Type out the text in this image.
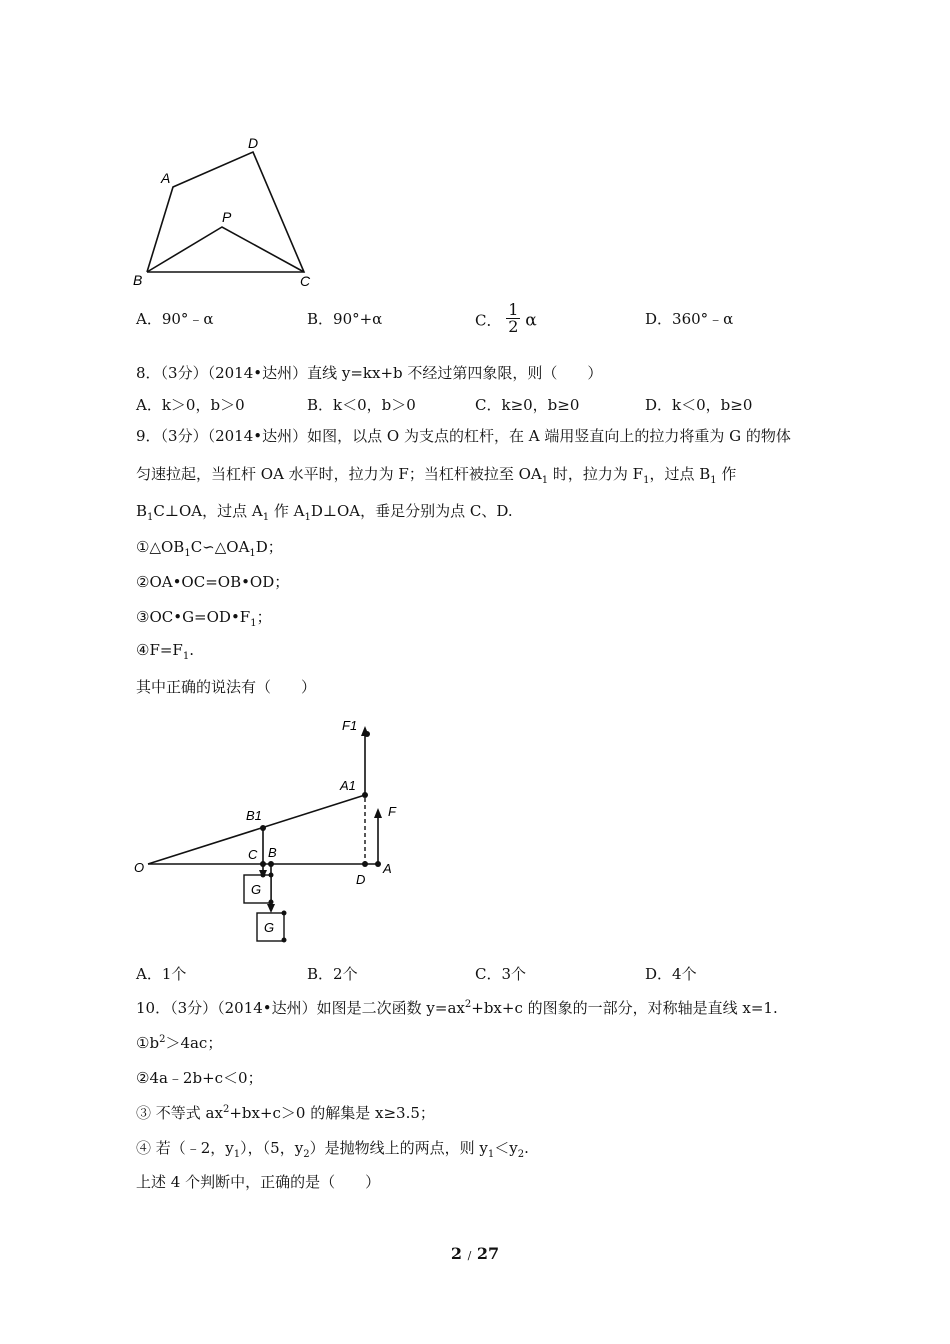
A
D
P
B	C
A．90°﹣α	B．90°+α	C． $\frac{1}{2}$ α	D．360°﹣α
8．（3分）（2014•达州）直线 y=kx+b 不经过第四象限，则（　　）
A．k＞0，b＞0	B．k＜0，b＞0	C．k≥0，b≥0	D．k＜0，b≥0
9．（3分）（2014•达州）如图，以点 O 为支点的杠杆，在 A 端用竖直向上的拉力将重为 G 的物体
匀速拉起，当杠杆 OA 水平时，拉力为 F；当杠杆被拉至 $OA_1$ 时，拉力为 $F_1$，过点 $B_1$ 作
$B_1C\perp OA$，过点 $A_1$ 作 $A_1D\perp OA$，垂足分别为点 C、D.
$①\triangle OB_1C∽\triangle OA_1D$；
②OA•OC=OB•OD；
$③OC•G=OD•F_1$；
$④F=F_1$.
其中正确的说法有（　　）
F1
A1
F
B1
C B
O
D
A
G
G
A．1个	B．2个	C．3个	D．4个
10．（3分）（2014•达州）如图是二次函数 $y=ax^2+bx+c$ 的图象的一部分，对称轴是直线 x=1.
$①b^2>4ac$；
②4a﹣2b+c＜0；
③ 不等式 $ax^2+bx+c>0$ 的解集是 x≥3.5；
④ 若（﹣2，$y_1$），（5，$y_2$）是抛物线上的两点，则 $y_1<y_2$.
上述 4 个判断中，正确的是（　　）
2 / 27
